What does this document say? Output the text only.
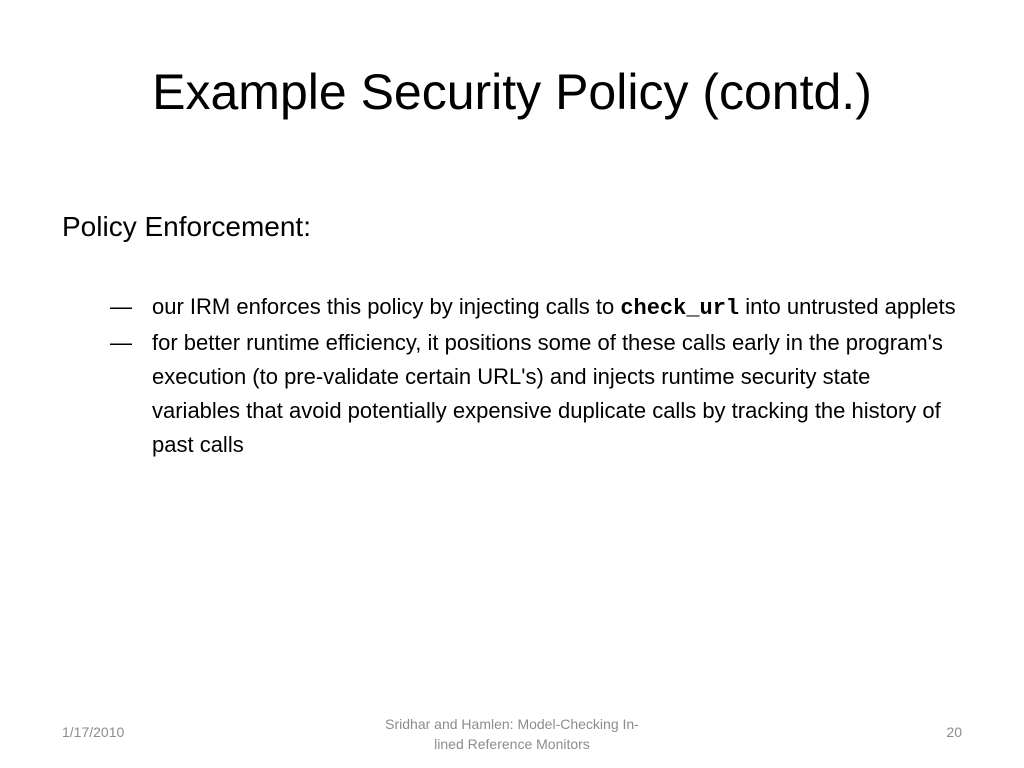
Example Security Policy (contd.)
Policy Enforcement:
— our IRM enforces this policy by injecting calls to check_url into untrusted applets
— for better runtime efficiency, it positions some of these calls early in the program's execution (to pre-validate certain URL's) and injects runtime security state variables that avoid potentially expensive duplicate calls by tracking the history of past calls
1/17/2010	Sridhar and Hamlen: Model-Checking In-
lined Reference Monitors
20
